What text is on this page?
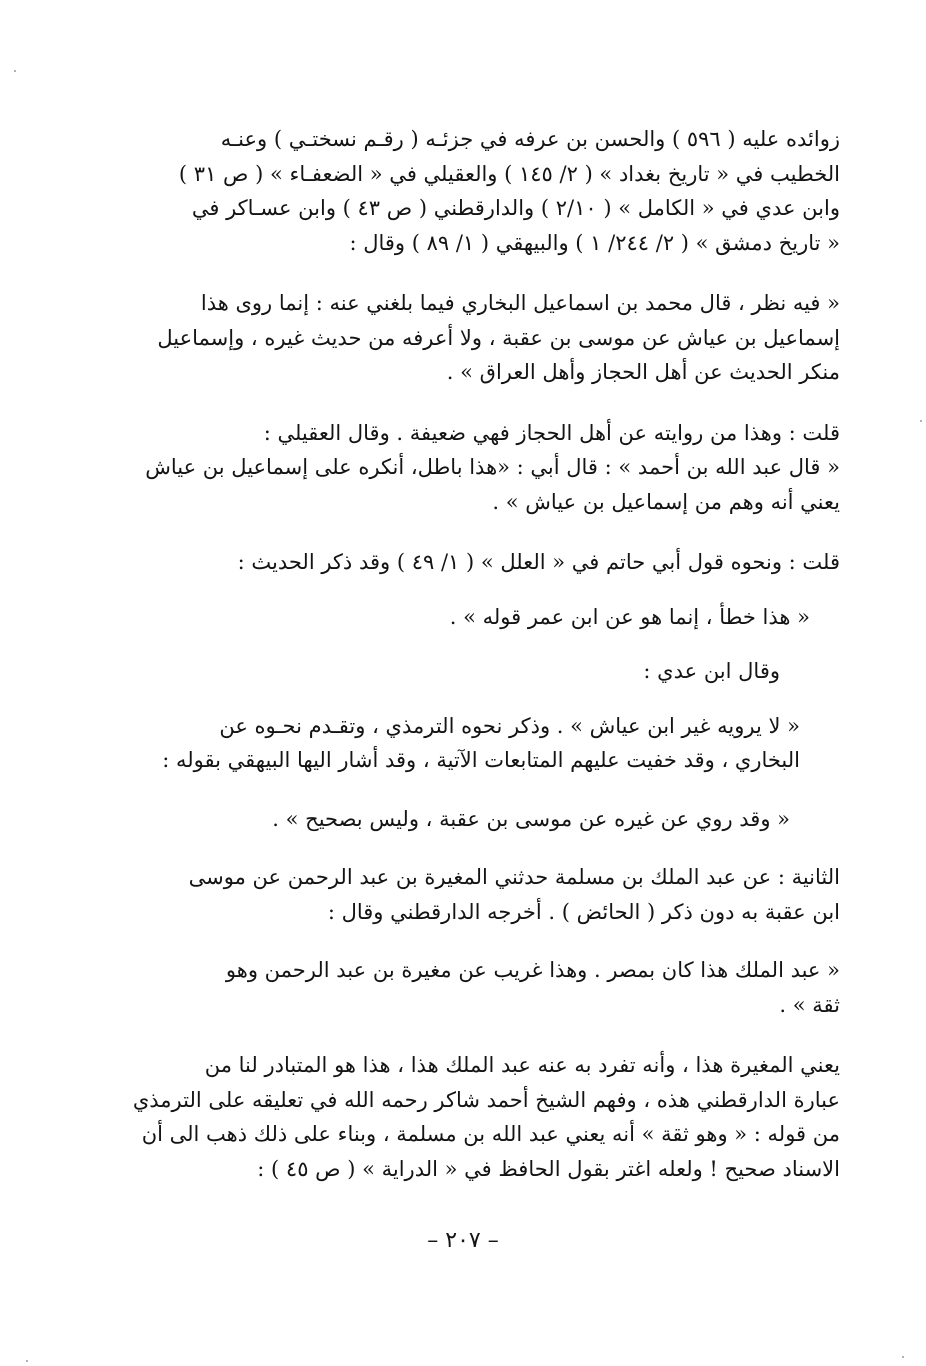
زوائده عليه ( ٥٩٦ ) والحسن بن عرفه في جزئـه ( رقـم نسختـي ) وعنـه
الخطيب في « تاريخ بغداد » ( ٢/ ١٤٥ ) والعقيلي في « الضعفـاء » ( ص ٣١ )
وابن عدي في « الكامل » ( ٢/١٠ ) والدارقطني ( ص ٤٣ ) وابن عسـاكر في
« تاريخ دمشق » ( ٢/ ٢٤٤/ ١ ) والبيهقي ( ١/ ٨٩ ) وقال :

« فيه نظر ، قال محمد بن اسماعيل البخاري فيما بلغني عنه : إنما روى هذا
إسماعيل بن عياش عن موسى بن عقبة ، ولا أعرفه من حديث غيره ، وإسماعيل
منكر الحديث عن أهل الحجاز وأهل العراق » .

قلت : وهذا من روايته عن أهل الحجاز فهي ضعيفة . وقال العقيلي :
« قال عبد الله بن أحمد » : قال أبي : «هذا باطل، أنكره على إسماعيل بن عياش
يعني أنه وهم من إسماعيل بن عياش » .

قلت : ونحوه قول أبي حاتم في « العلل » ( ١/ ٤٩ ) وقد ذكر الحديث :

« هذا خطأ ، إنما هو عن ابن عمر قوله » .

وقال ابن عدي :

« لا يرويه غير ابن عياش » . وذكر نحوه الترمذي ، وتقـدم نحـوه عن
البخاري ، وقد خفيت عليهم المتابعات الآتية ، وقد أشار اليها البيهقي بقوله :

« وقد روي عن غيره عن موسى بن عقبة ، وليس بصحيح » .

الثانية : عن عبد الملك بن مسلمة حدثني المغيرة بن عبد الرحمن عن موسى
ابن عقبة به دون ذكر ( الحائض ) . أخرجه الدارقطني وقال :

« عبد الملك هذا كان بمصر . وهذا غريب عن مغيرة بن عبد الرحمن وهو
ثقة » .

يعني المغيرة هذا ، وأنه تفرد به عنه عبد الملك هذا ، هذا هو المتبادر لنا من
عبارة الدارقطني هذه ، وفهم الشيخ أحمد شاكر رحمه الله في تعليقه على الترمذي
من قوله : « وهو ثقة » أنه يعني عبد الله بن مسلمة ، وبناء على ذلك ذهب الى أن
الاسناد صحيح ! ولعله اغتر بقول الحافظ في « الدراية » ( ص ٤٥ ) :

– ٢٠٧ –
